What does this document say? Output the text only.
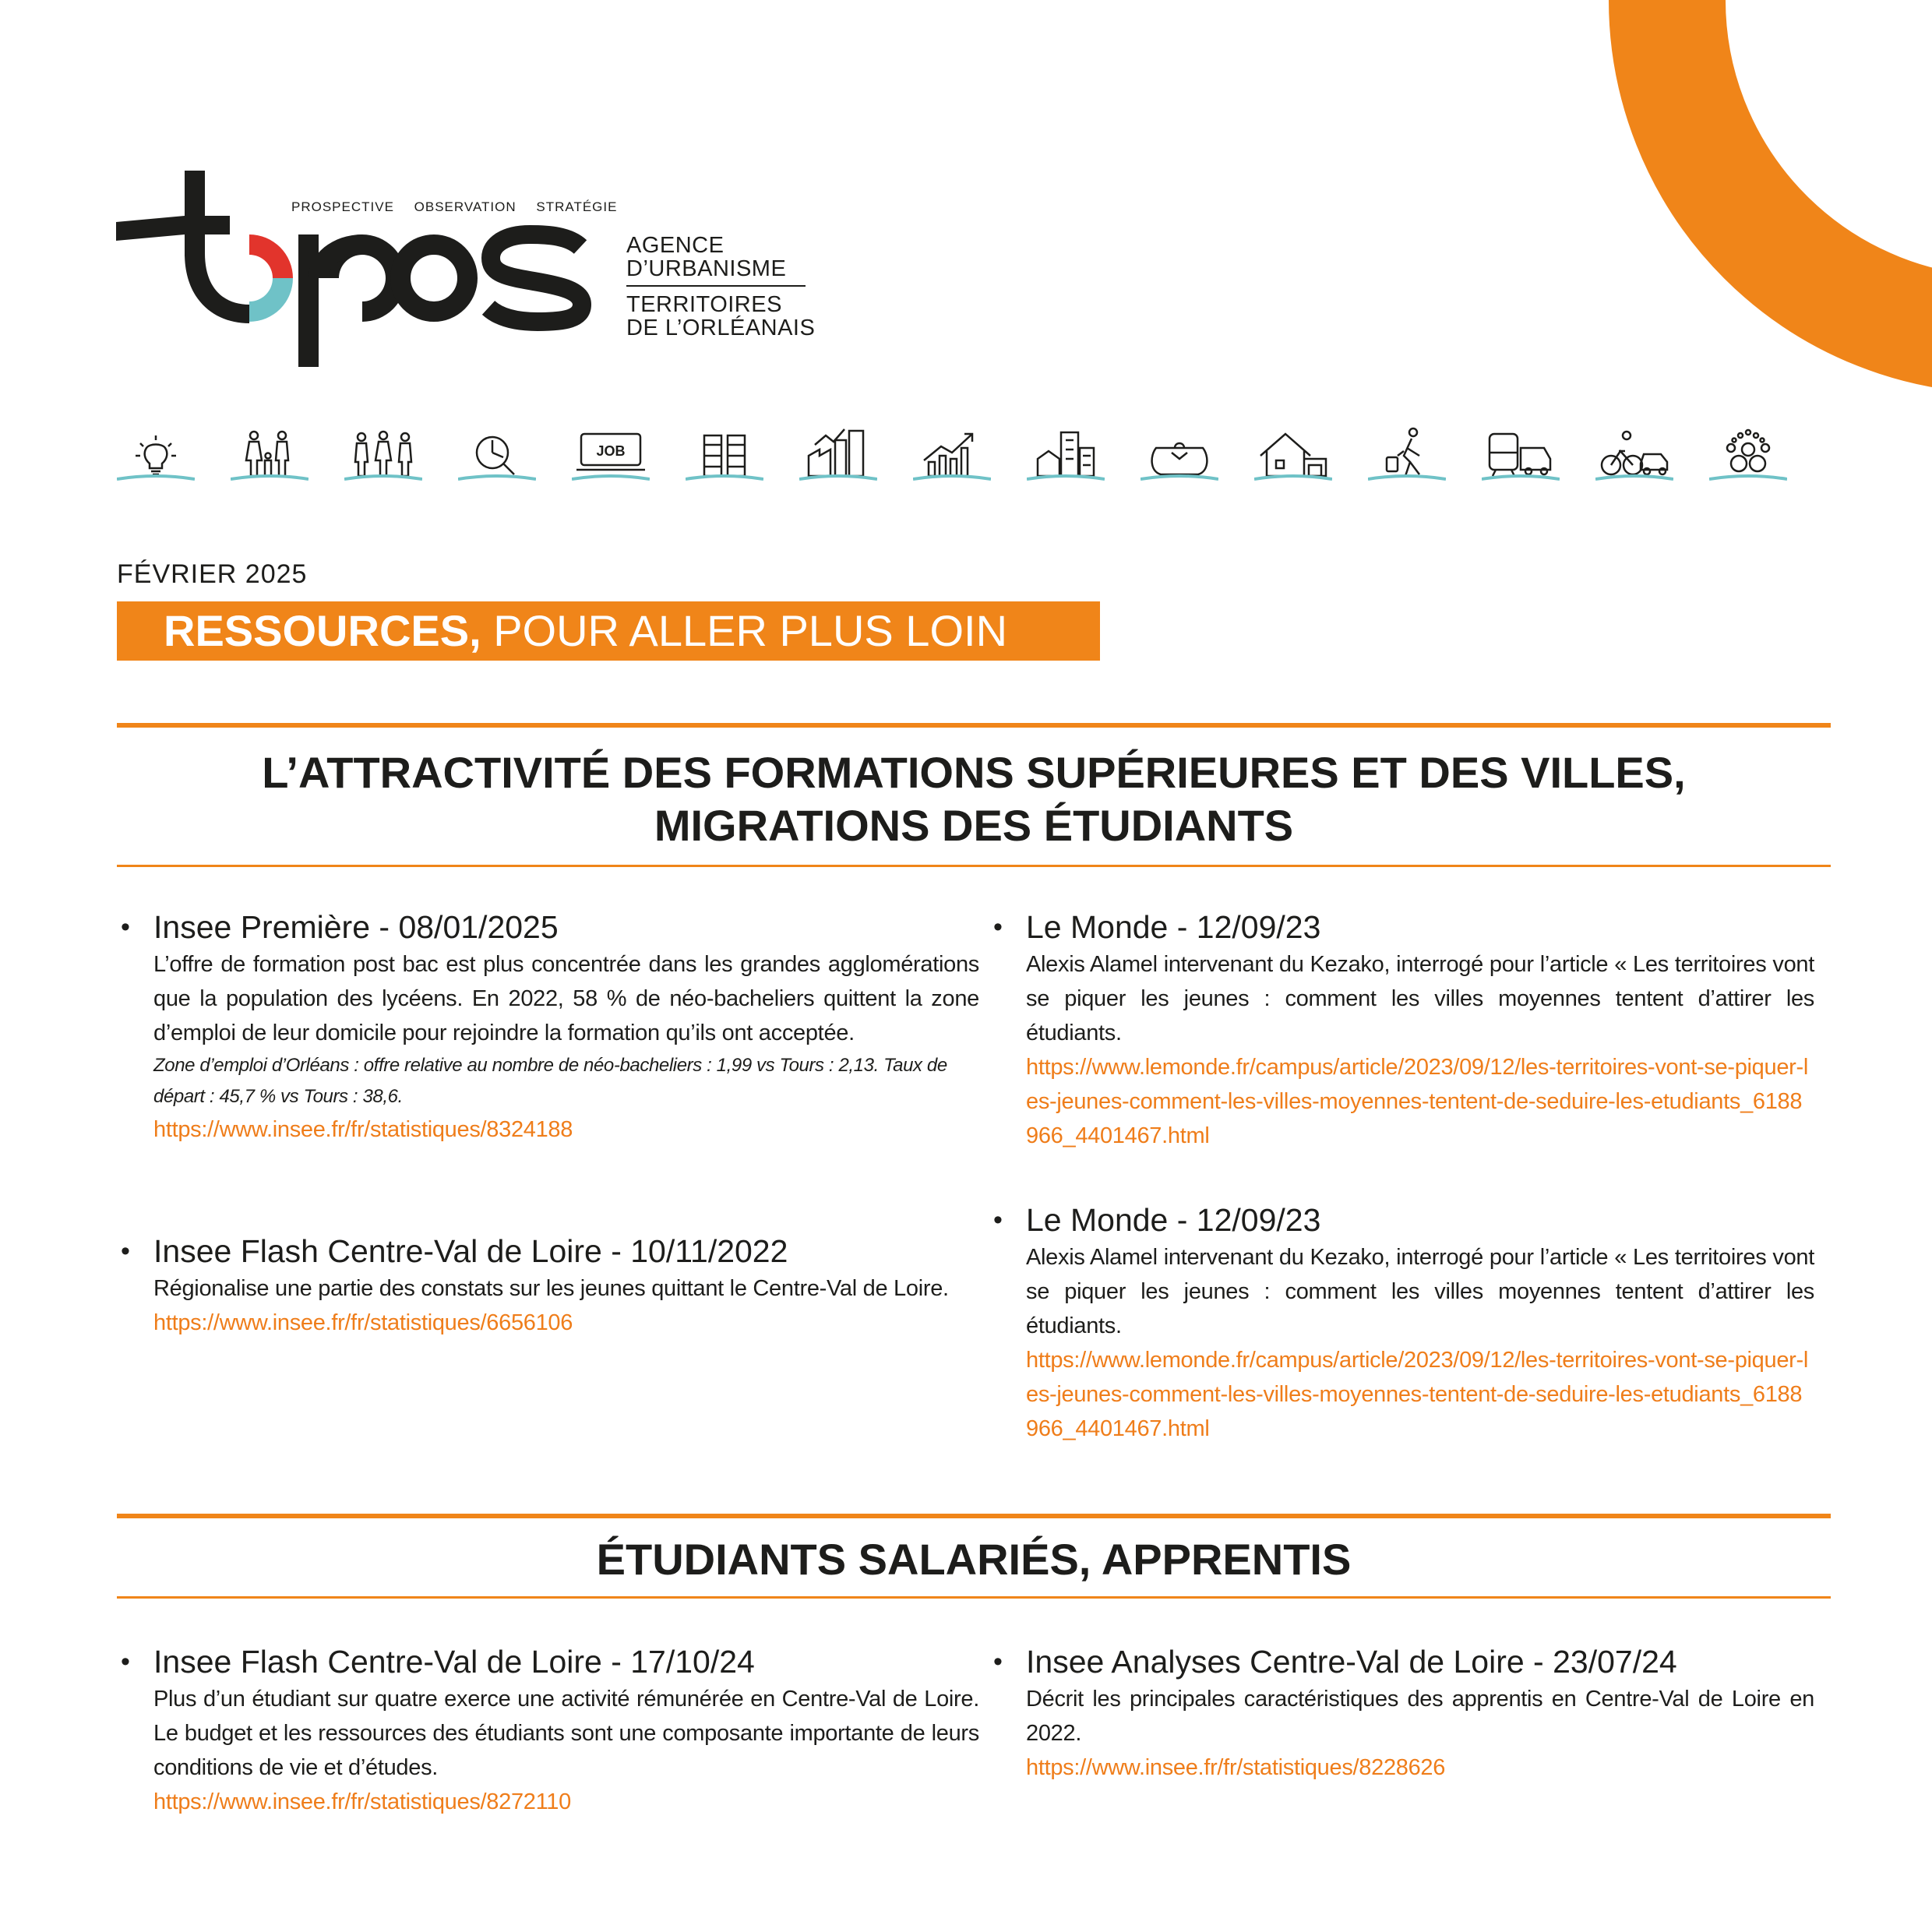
PROSPECTIVE OBSERVATION STRATÉGIE
AGENCE
D’URBANISME
TERRITOIRES
DE L’ORLÉANAIS
JOB
FÉVRIER 2025
RESSOURCES, POUR ALLER PLUS LOIN
L’ATTRACTIVITÉ DES FORMATIONS SUPÉRIEURES ET DES VILLES,
MIGRATIONS DES ÉTUDIANTS
• Insee Première - 08/01/2025
L’offre de formation post bac est plus concentrée dans les grandes agglomérations que la population des lycéens. En 2022, 58 % de néo-bacheliers quittent la zone d’emploi de leur domicile pour rejoindre la formation qu’ils ont acceptée.
Zone d’emploi d’Orléans : offre relative au nombre de néo-bacheliers : 1,99 vs Tours : 2,13. Taux de départ : 45,7 % vs Tours : 38,6.
https://www.insee.fr/fr/statistiques/8324188
• Insee Flash Centre-Val de Loire - 10/11/2022
Régionalise une partie des constats sur les jeunes quittant le Centre-Val de Loire.
https://www.insee.fr/fr/statistiques/6656106
• Le Monde - 12/09/23
Alexis Alamel intervenant du Kezako, interrogé pour l’article « Les territoires vont se piquer les jeunes : comment les villes moyennes tentent d’attirer les étudiants.
https://www.lemonde.fr/campus/article/2023/09/12/les-territoires-vont-se-piquer-les-jeunes-comment-les-villes-moyennes-tentent-de-seduire-les-etudiants_6188966_4401467.html
• Le Monde - 12/09/23
Alexis Alamel intervenant du Kezako, interrogé pour l’article « Les territoires vont se piquer les jeunes : comment les villes moyennes tentent d’attirer les étudiants.
https://www.lemonde.fr/campus/article/2023/09/12/les-territoires-vont-se-piquer-les-jeunes-comment-les-villes-moyennes-tentent-de-seduire-les-etudiants_6188966_4401467.html
ÉTUDIANTS SALARIÉS, APPRENTIS
• Insee Flash Centre-Val de Loire - 17/10/24
Plus d’un étudiant sur quatre exerce une activité rémunérée en Centre-Val de Loire. Le budget et les ressources des étudiants sont une composante importante de leurs conditions de vie et d’études.
https://www.insee.fr/fr/statistiques/8272110
• Insee Analyses Centre-Val de Loire - 23/07/24
Décrit les principales caractéristiques des apprentis en Centre-Val de Loire en 2022.
https://www.insee.fr/fr/statistiques/8228626
